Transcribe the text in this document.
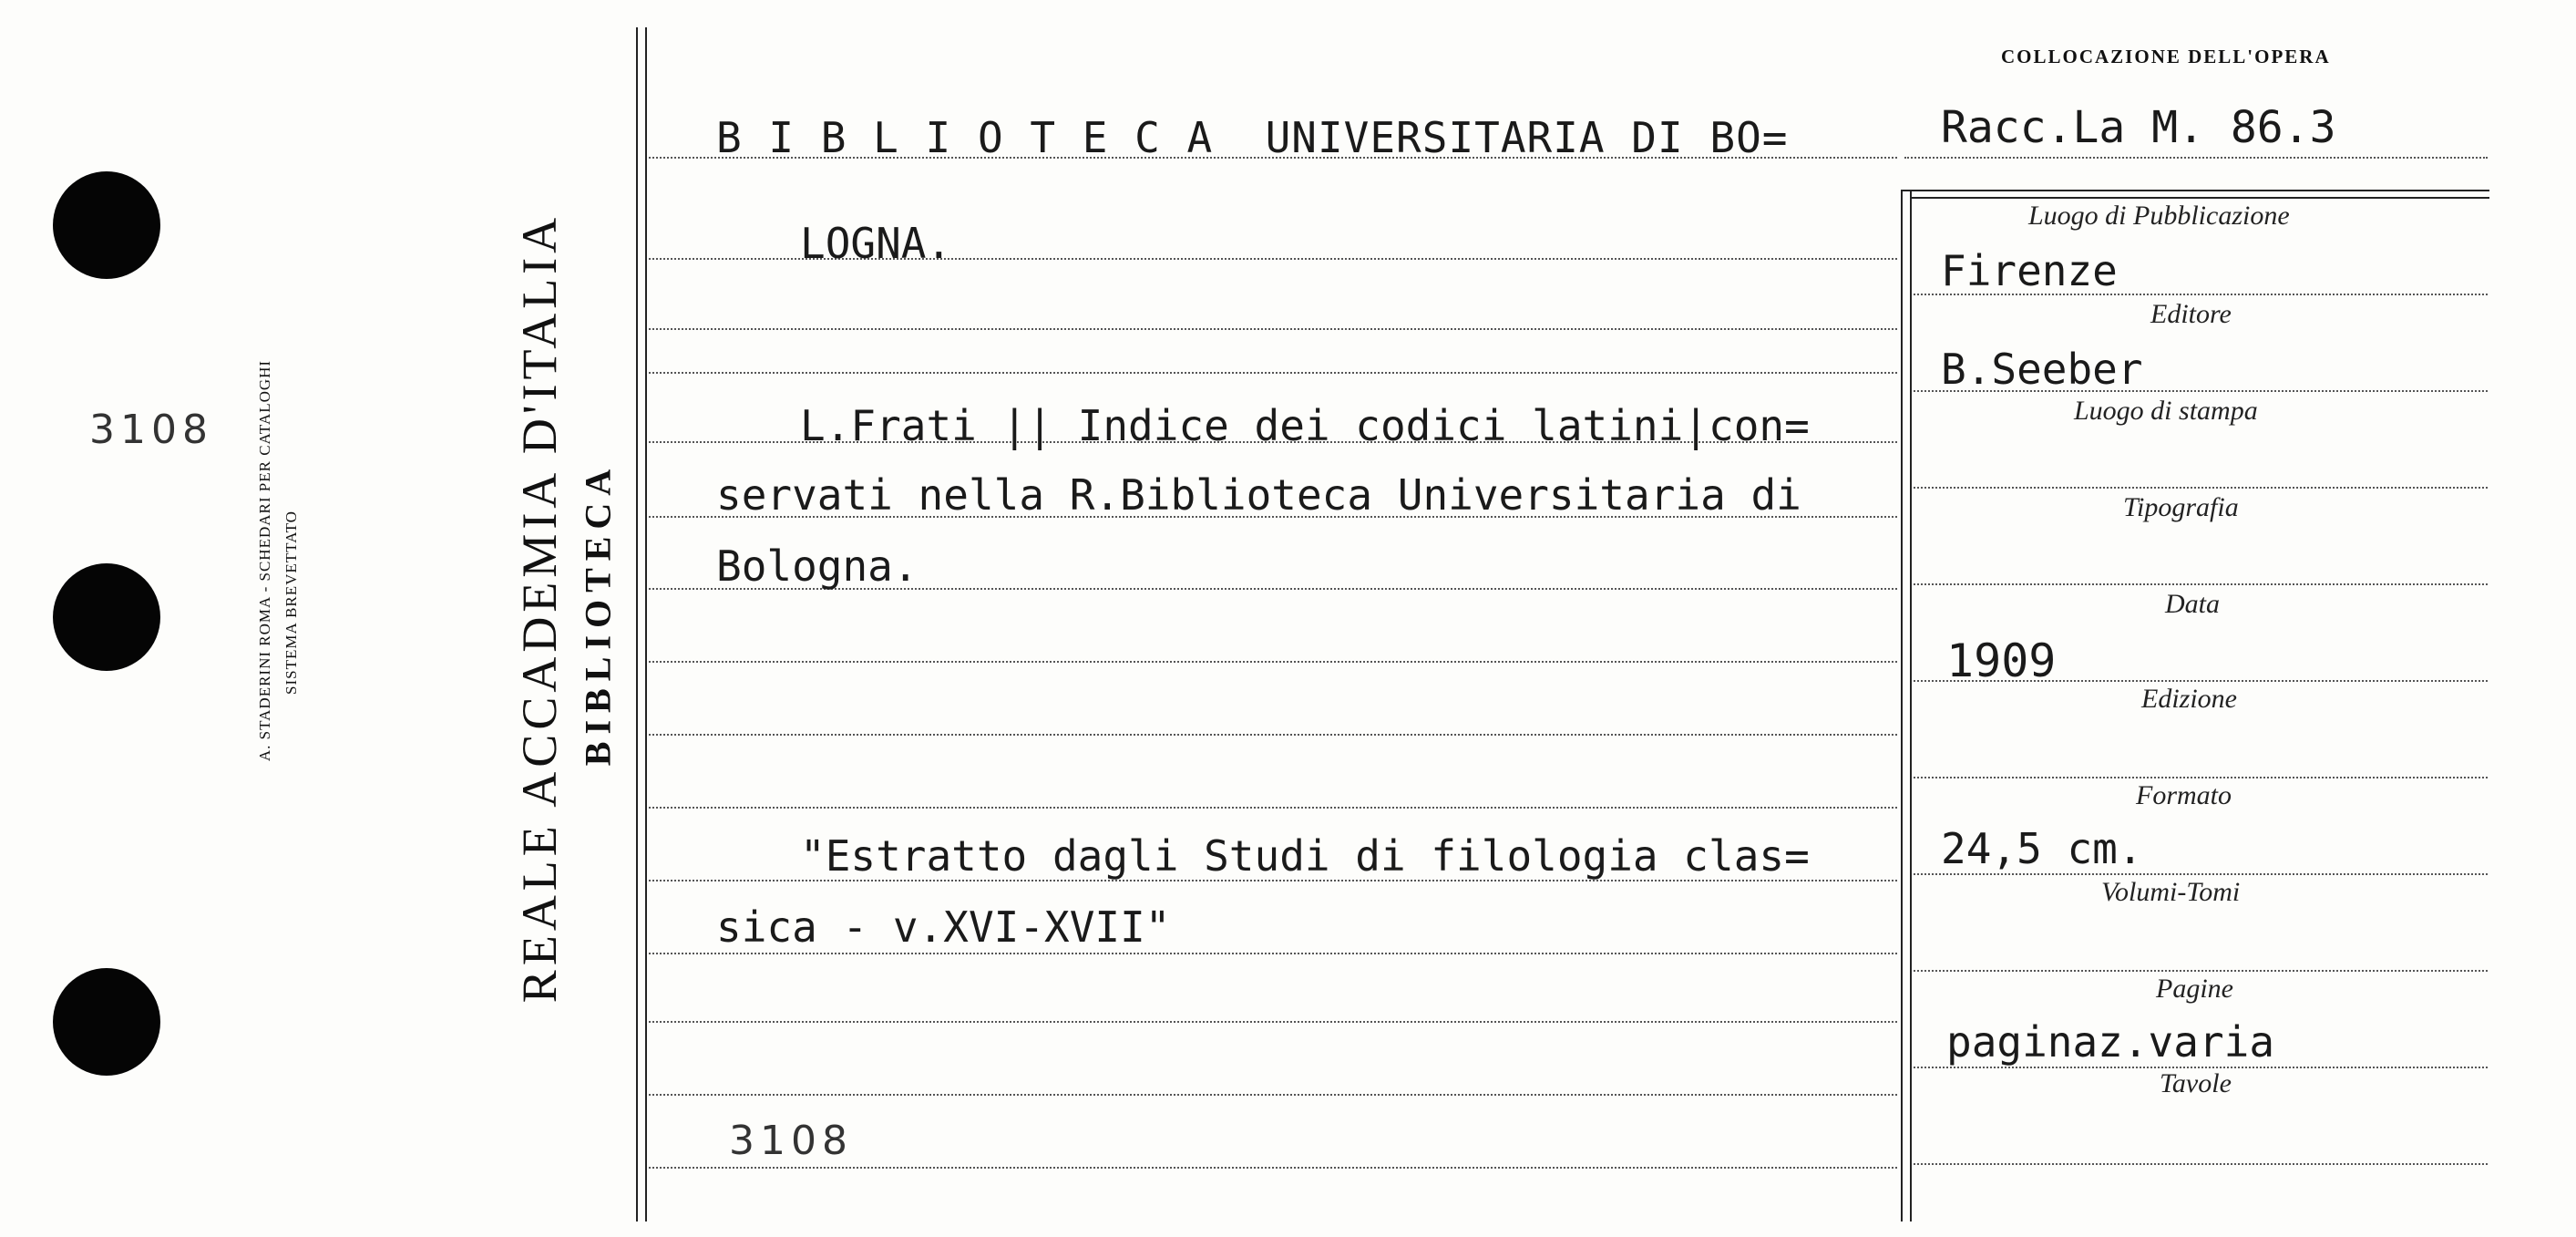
3108	A. STADERINI ROMA - SCHEDARI PER CATALOGHI SISTEMA BREVETTATO	REALE ACCADEMIA D'ITALIA BIBLIOTECA
B I B L I O T E C A  UNIVERSITARIA DI BO=
LOGNA.
L.Frati || Indice dei codici latini|con=
servati nella R.Biblioteca Universitaria di
Bologna.
"Estratto dagli Studi di filologia clas=
sica - v.XVI-XVII"
3108
COLLOCAZIONE DELL'OPERA
Racc.La M. 86.3
Luogo di Pubblicazione
Editore
Luogo di stampa
Tipografia
Data
Edizione
Formato
Volumi-Tomi
Pagine
Tavole
Firenze
B.Seeber
1909
24,5 cm.
paginaz.varia
